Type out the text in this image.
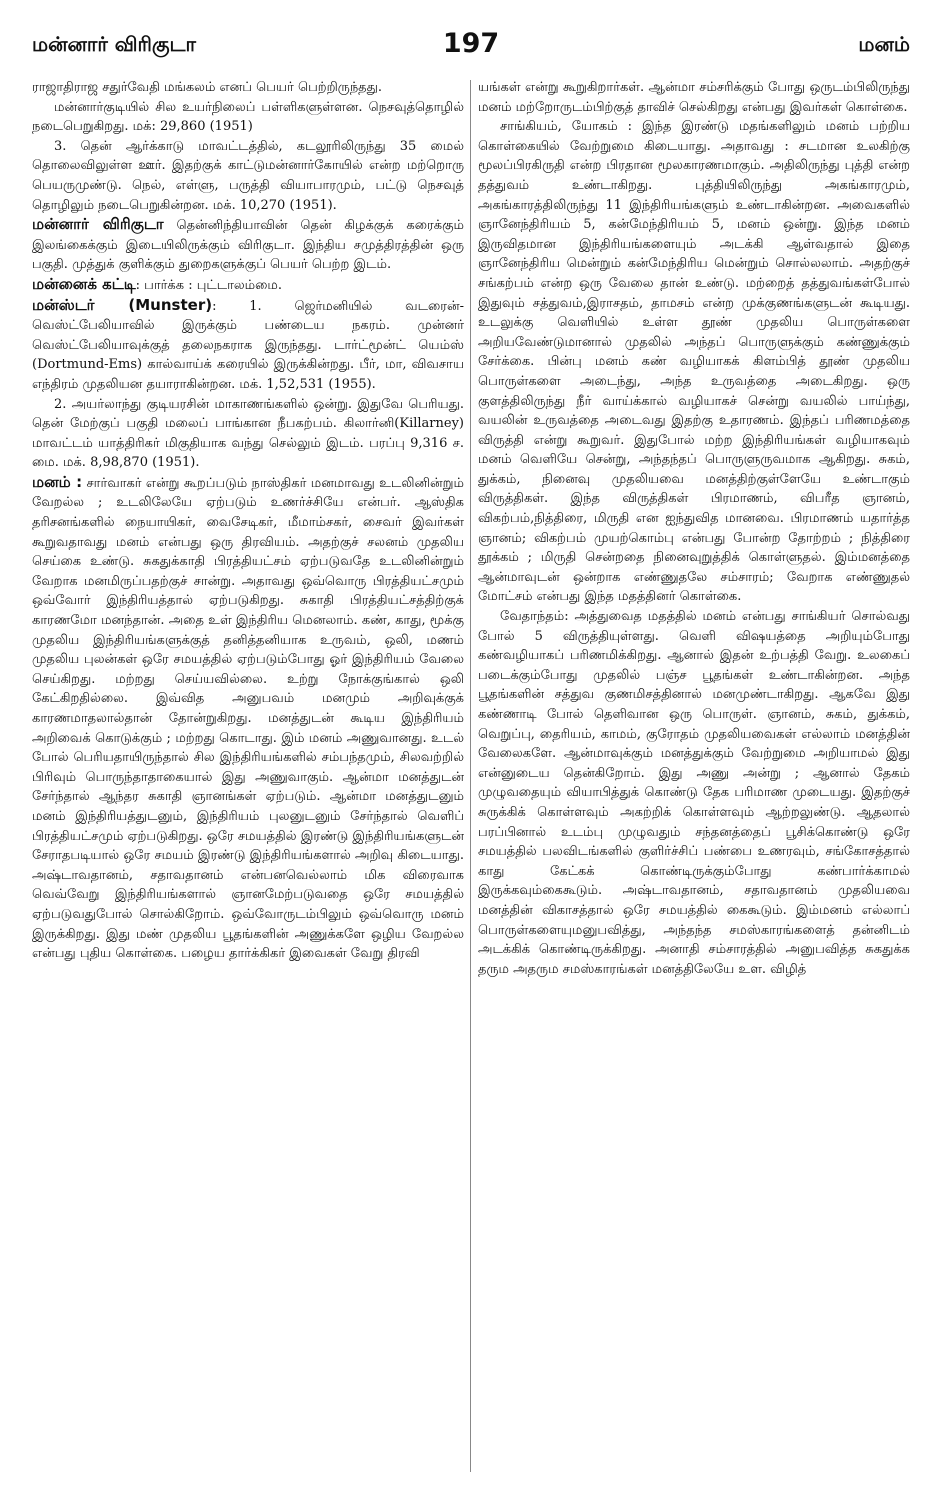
மன்னார் விரிகுடா	197	மனம்

ராஜாதிராஜ சதுர்வேதி மங்கலம் எனப் பெயர் பெற்றிருந்தது.

மன்னார்குடியில் சில உயர்நிலைப் பள்ளிகளுள்ளன. நெசவுத்தொழில் நடைபெறுகிறது. மக்: 29,860 (1951)

3. தென் ஆர்க்காடு மாவட்டத்தில், கடலூரிலிருந்து 35 மைல் தொலைவிலுள்ள ஊர். இதற்குக் காட்டுமன்னார்கோயில் என்ற மற்றொரு பெயருமுண்டு. நெல், எள்ளு, பருத்தி வியாபாரமும், பட்டு நெசவுத் தொழிலும் நடைபெறுகின்றன. மக். 10,270 (1951).

மன்னார் விரிகுடா தென்னிந்தியாவின் தென் கிழக்குக் கரைக்கும் இலங்கைக்கும் இடையிலிருக்கும் விரிகுடா. இந்திய சமுத்திரத்தின் ஒரு பகுதி. முத்துக் குளிக்கும் துறைகளுக்குப் பெயர் பெற்ற இடம்.

மன்னைக் கட்டி: பார்க்க : புட்டாலம்மை.

மன்ஸ்டர் (Munster): 1. ஜெர்மனியில் வடரைன்-வெஸ்ட்பேலியாவில் இருக்கும் பண்டைய நகரம். முன்னர் வெஸ்ட்பேலியாவுக்குத் தலைநகராக இருந்தது. டார்ட்மூன்ட் யெம்ஸ் (Dortmund-Ems) கால்வாய்க் கரையில் இருக்கின்றது. பீர், மா, விவசாய எந்திரம் முதலியன தயாராகின்றன. மக். 1,52,531 (1955).

2. அயர்லாந்து குடியரசின் மாகாணங்களில் ஒன்று. இதுவே பெரியது. தென் மேற்குப் பகுதி மலைப் பாங்கான நீபகற்பம். கிலார்னி(Killarney) மாவட்டம் யாத்திரிகர் மிகுதியாக வந்து செல்லும் இடம். பரப்பு 9,316 ச. மை. மக். 8,98,870 (1951).

மனம் : சார்வாகர் என்று கூறப்படும் நாஸ்திகர் மனமாவது உடலினின்றும் வேறல்ல ; உடலிலேயே ஏற்படும் உணர்ச்சியே என்பர். ஆஸ்திக தரிசனங்களில் நையாயிகர், வைசேடிகர், மீமாம்சகர், சைவர் இவர்கள் கூறுவதாவது மனம் என்பது ஒரு திரவியம். அதற்குச் சலனம் முதலிய செய்கை உண்டு. சுகதுக்காதி பிரத்தியட்சம் ஏற்படுவதே உடலினின்றும் வேறாக மனமிருப்பதற்குச் சான்று. அதாவது ஒவ்வொரு பிரத்தியட்சமும் ஒவ்வோர் இந்திரியத்தால் ஏற்படுகிறது. சுகாதி பிரத்தியட்சத்திற்குக் காரணமோ மனந்தான். அதை உள் இந்திரிய மெனலாம். கண், காது, மூக்கு முதலிய இந்திரியங்களுக்குத் தனித்தனியாக உருவம், ஒலி, மணம் முதலிய புலன்கள் ஒரே சமயத்தில் ஏற்படும்போது ஓர் இந்திரியம் வேலை செய்கிறது. மற்றது செய்யவில்லை. உற்று நோக்குங்கால் ஒலி கேட்கிறதில்லை. இவ்வித அனுபவம் மனமும் அறிவுக்குக் காரணமாதலால்தான் தோன்றுகிறது. மனத்துடன் கூடிய இந்திரியம் அறிவைக் கொடுக்கும் ; மற்றது கொடாது. இம் மனம் அணுவானது. உடல் போல் பெரியதாயிருந்தால் சில இந்திரியங்களில் சம்பந்தமும், சிலவற்றில் பிரிவும் பொருந்தாதாகையால் இது அணுவாகும். ஆன்மா மனத்துடன் சேர்ந்தால் ஆந்தர சுகாதி ஞானங்கள் ஏற்படும். ஆன்மா மனத்துடனும் மனம் இந்திரியத்துடனும், இந்திரியம் புலனுடனும் சேர்ந்தால் வெளிப் பிரத்தியட்சமும் ஏற்படுகிறது. ஒரே சமயத்தில் இரண்டு இந்திரியங்களுடன் சேராதபடியால் ஒரே சமயம் இரண்டு இந்திரியங்களால் அறிவு கிடையாது. அஷ்டாவதானம், சதாவதானம் என்பனவெல்லாம் மிக விரைவாக வெவ்வேறு இந்திரியங்களால் ஞானமேற்படுவதை ஒரே சமயத்தில் ஏற்படுவதுபோல் சொல்கிறோம். ஒவ்வோருடம்பிலும் ஒவ்வொரு மனம் இருக்கிறது. இது மண் முதலிய பூதங்களின் அணுக்களே ஒழிய வேறல்ல என்பது புதிய கொள்கை. பழைய தார்க்கிகர் இவைகள் வேறு திரவி

யங்கள் என்று கூறுகிறார்கள். ஆன்மா சம்சரிக்கும் போது ஒருடம்பிலிருந்து மனம் மற்றோருடம்பிற்குத் தாவிச் செல்கிறது என்பது இவர்கள் கொள்கை.

சாங்கியம், யோகம் : இந்த இரண்டு மதங்களிலும் மனம் பற்றிய கொள்கையில் வேற்றுமை கிடையாது. அதாவது : சடமான உலகிற்கு மூலப்பிரகிருதி என்ற பிரதான மூலகாரணமாகும். அதிலிருந்து புத்தி என்ற தத்துவம் உண்டாகிறது. புத்தியிலிருந்து அகங்காரமும், அகங்காரத்திலிருந்து 11 இந்திரியங்களும் உண்டாகின்றன. அவைகளில் ஞானேந்திரியம் 5, கன்மேந்திரியம் 5, மனம் ஒன்று. இந்த மனம் இருவிதமான இந்திரியங்களையும் அடக்கி ஆள்வதால் இதை ஞானேந்திரிய மென்றும் கன்மேந்திரிய மென்றும் சொல்லலாம். அதற்குச் சங்கற்பம் என்ற ஒரு வேலை தான் உண்டு. மற்றைத் தத்துவங்கள்போல் இதுவும் சத்துவம்,இராசதம், தாமசம் என்ற முக்குணங்களுடன் கூடியது. உடலுக்கு வெளியில் உள்ள தூண் முதலிய பொருள்களை அறியவேண்டுமானால் முதலில் அந்தப் பொருளுக்கும் கண்ணுக்கும் சேர்க்கை. பின்பு மனம் கண் வழியாகக் கிளம்பித் தூண் முதலிய பொருள்களை அடைந்து, அந்த உருவத்தை அடைகிறது. ஒரு குளத்திலிருந்து நீர் வாய்க்கால் வழியாகச் சென்று வயலில் பாய்ந்து, வயலின் உருவத்தை அடைவது இதற்கு உதாரணம். இந்தப் பரிணமத்தை விருத்தி என்று கூறுவர். இதுபோல் மற்ற இந்திரியங்கள் வழியாகவும் மனம் வெளியே சென்று, அந்தந்தப் பொருளுருவமாக ஆகிறது. சுகம், துக்கம், நினைவு முதலியவை மனத்திற்குள்ளேயே உண்டாகும் விருத்திகள். இந்த விருத்திகள் பிரமாணம், விபரீத ஞானம், விகற்பம்,நித்திரை, மிருதி என ஐந்துவித மானவை. பிரமாணம் யதார்த்த ஞானம்; விகற்பம் முயற்கொம்பு என்பது போன்ற தோற்றம் ; நித்திரை தூக்கம் ; மிருதி சென்றதை நினைவுறுத்திக் கொள்ளுதல். இம்மனத்தை ஆன்மாவுடன் ஒன்றாக எண்ணுதலே சம்சாரம்; வேறாக எண்ணுதல் மோட்சம் என்பது இந்த மதத்தினர் கொள்கை.

வேதாந்தம்: அத்துவைத மதத்தில் மனம் என்பது சாங்கியர் சொல்வது போல் 5 விருத்தியுள்ளது. வெளி விஷயத்தை அறியும்போது கண்வழியாகப் பரிணமிக்கிறது. ஆனால் இதன் உற்பத்தி வேறு. உலகைப் படைக்கும்போது முதலில் பஞ்ச பூதங்கள் உண்டாகின்றன. அந்த பூதங்களின் சத்துவ குணமிசத்தினால் மனமுண்டாகிறது. ஆகவே இது கண்ணாடி போல் தெளிவான ஒரு பொருள். ஞானம், சுகம், துக்கம், வெறுப்பு, தைரியம், காமம், குரோதம் முதலியவைகள் எல்லாம் மனத்தின் வேலைகளே. ஆன்மாவுக்கும் மனத்துக்கும் வேற்றுமை அறியாமல் இது என்னுடைய தென்கிறோம். இது அணு அன்று ; ஆனால் தேகம் முழுவதையும் வியாபித்துக் கொண்டு தேக பரிமாண முடையது. இதற்குச் சுருக்கிக் கொள்ளவும் அகற்றிக் கொள்ளவும் ஆற்றலுண்டு. ஆதலால் பரப்பினால் உடம்பு முழுவதும் சந்தனத்தைப் பூசிக்கொண்டு ஒரே சமயத்தில் பலவிடங்களில் குளிர்ச்சிப் பண்பை உணரவும், சங்கோசத்தால் காது கேட்கக் கொண்டிருக்கும்போது கண்பார்க்காமல் இருக்கவும்கைகூடும். அஷ்டாவதானம், சதாவதானம் முதலியவை மனத்தின் விகாசத்தால் ஒரே சமயத்தில் கைகூடும். இம்மனம் எல்லாப் பொருள்களையுமனுபவித்து, அந்தந்த சமஸ்காரங்களைத் தன்னிடம் அடக்கிக் கொண்டிருக்கிறது. அனாதி சம்சாரத்தில் அனுபவித்த சுகதுக்க தரும அதரும சமஸ்காரங்கள் மனத்திலேயே உள. விழித்
